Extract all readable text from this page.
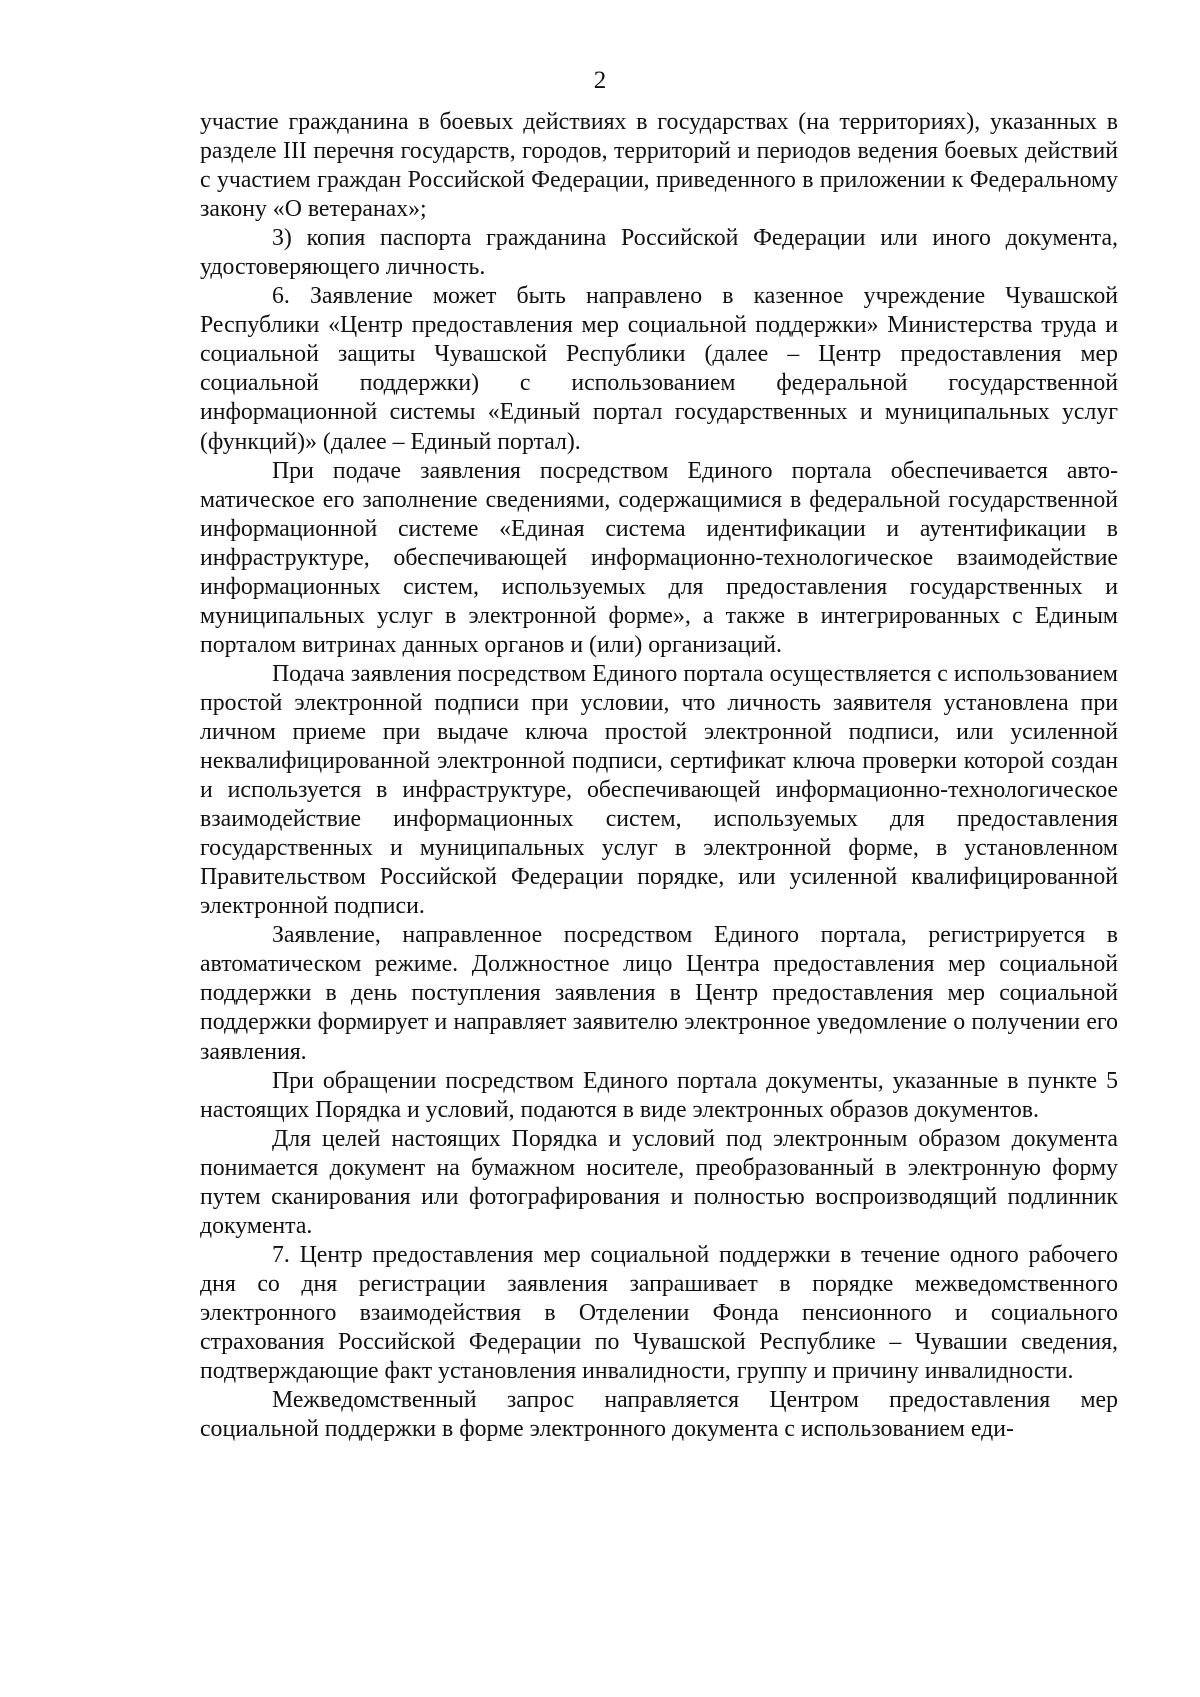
2

участие гражданина в боевых действиях в государствах (на территориях), указанных в разделе III перечня государств, городов, территорий и периодов ведения боевых действий с участием граждан Российской Федерации, приведенного в приложении к Федеральному закону «О ветеранах»;

3) копия паспорта гражданина Российской Федерации или иного документа, удостоверяющего личность.

6. Заявление может быть направлено в казенное учреждение Чувашской Республики «Центр предоставления мер социальной поддержки» Министерства труда и социальной защиты Чувашской Республики (далее – Центр предоставления мер социальной поддержки) с использованием федеральной государственной информационной системы «Единый портал государственных и муниципальных услуг (функций)» (далее – Единый портал).

При подаче заявления посредством Единого портала обеспечивается автоматическое его заполнение сведениями, содержащимися в федеральной государственной информационной системе «Единая система идентификации и аутентификации в инфраструктуре, обеспечивающей информационно-технологическое взаимодействие информационных систем, используемых для предоставления государственных и муниципальных услуг в электронной форме», а также в интегрированных с Единым порталом витринах данных органов и (или) организаций.

Подача заявления посредством Единого портала осуществляется с использованием простой электронной подписи при условии, что личность заявителя установлена при личном приеме при выдаче ключа простой электронной подписи, или усиленной неквалифицированной электронной подписи, сертификат ключа проверки которой создан и используется в инфраструктуре, обеспечивающей информационно-технологическое взаимодействие информационных систем, используемых для предоставления государственных и муниципальных услуг в электронной форме, в установленном Правительством Российской Федерации порядке, или усиленной квалифицированной электронной подписи.

Заявление, направленное посредством Единого портала, регистрируется в автоматическом режиме. Должностное лицо Центра предоставления мер социальной поддержки в день поступления заявления в Центр предоставления мер социальной поддержки формирует и направляет заявителю электронное уведомление о получении его заявления.

При обращении посредством Единого портала документы, указанные в пункте 5 настоящих Порядка и условий, подаются в виде электронных образов документов.

Для целей настоящих Порядка и условий под электронным образом документа понимается документ на бумажном носителе, преобразованный в электронную форму путем сканирования или фотографирования и полностью воспроизводящий подлинник документа.

7. Центр предоставления мер социальной поддержки в течение одного рабочего дня со дня регистрации заявления запрашивает в порядке межведомственного электронного взаимодействия в Отделении Фонда пенсионного и социального страхования Российской Федерации по Чувашской Республике – Чувашии сведения, подтверждающие факт установления инвалидности, группу и причину инвалидности.

Межведомственный запрос направляется Центром предоставления мер социальной поддержки в форме электронного документа с использованием еди-
